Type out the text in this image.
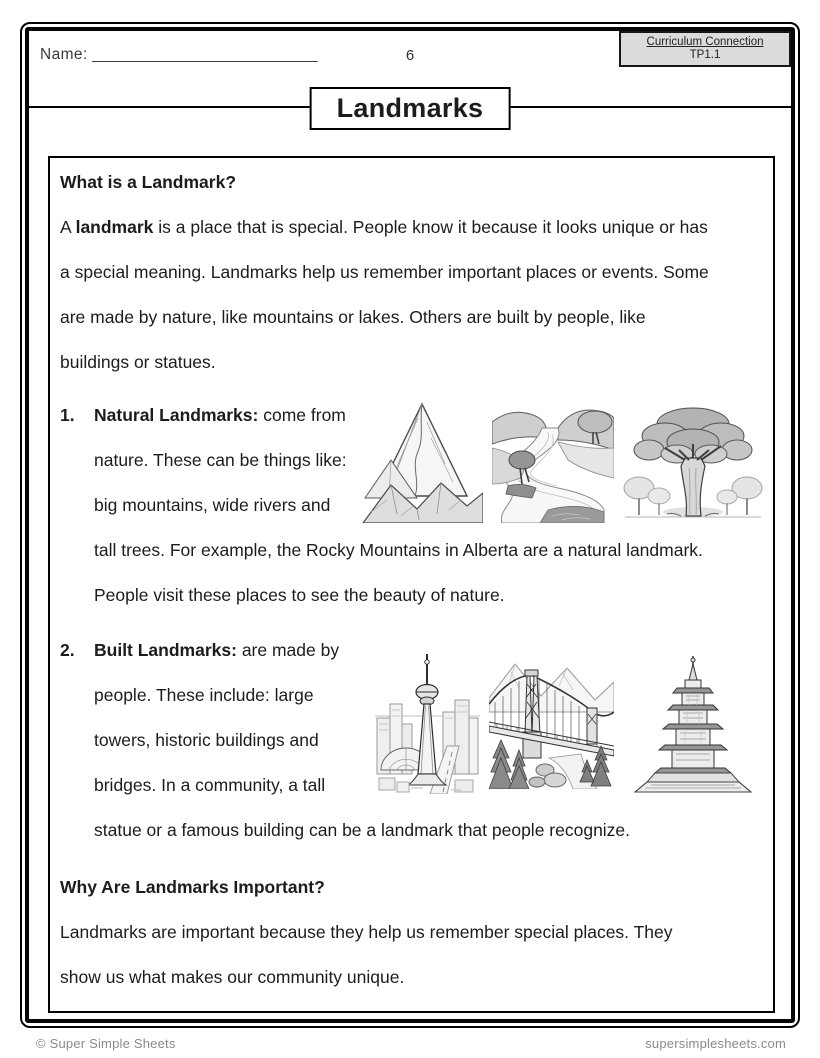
Name: _________________________	6
Curriculum Connection
TP1.1
Landmarks
What is a Landmark?
A landmark is a place that is special. People know it because it looks unique or has
a special meaning. Landmarks help us remember important places or events. Some
are made by nature, like mountains or lakes. Others are built by people, like
buildings or statues.
1.	Natural Landmarks: come from
nature. These can be things like:
big mountains, wide rivers and
tall trees. For example, the Rocky Mountains in Alberta are a natural landmark.
People visit these places to see the beauty of nature.
2.	Built Landmarks: are made by
people. These include: large
towers, historic buildings and
bridges. In a community, a tall
statue or a famous building can be a landmark that people recognize.
Why Are Landmarks Important?
Landmarks are important because they help us remember special places. They
show us what makes our community unique.
© Super Simple Sheets	supersimplesheets.com
